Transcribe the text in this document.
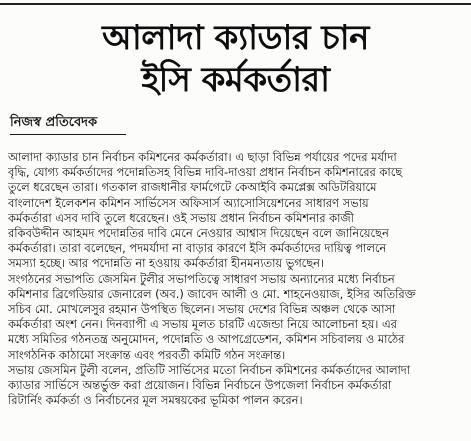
আলাদা ক্যাডার চান
ইসি কর্মকর্তারা
নিজস্ব প্রতিবেদক
আলাদা ক্যাডার চান নির্বাচন কমিশনের কর্মকর্তারা। এ ছাড়া বিভিন্ন পর্যায়ের পদের মর্যাদা
বৃদ্ধি, যোগ্য কর্মকর্তাদের পদোন্নতিসহ বিভিন্ন দাবি-দাওয়া প্রধান নির্বাচন কমিশনারের কাছে
তুলে ধরেছেন তারা। গতকাল রাজধানীর ফার্মগেটে কেআইবি কমপ্লেক্স অডিটরিয়ামে
বাংলাদেশ ইলেকশন কমিশন সার্ভিসেস অফিসার্স অ্যাসোসিয়েশনের সাধারণ সভায়
কর্মকর্তারা এসব দাবি তুলে ধরেছেন। ওই সভায় প্রধান নির্বাচন কমিশনার কাজী
রকিবউদ্দীন আহমদ পদোন্নতির দাবি মেনে নেওয়ার আশ্বাস দিয়েছেন বলে জানিয়েছেন
কর্মকর্তারা। তারা বলেছেন, পদমর্যাদা না বাড়ার কারণে ইসি কর্মকর্তাদের দায়িত্ব পালনে
সমস্যা হচ্ছে। আর পদোন্নতি না হওয়ায় কর্মকর্তারা হীনমন্যতায় ভুগছেন।
সংগঠনের সভাপতি জেসমিন টুলীর সভাপতিত্বে সাধারণ সভায় অন্যান্যের মধ্যে নির্বাচন
কমিশনার ব্রিগেডিয়ার জেনারেল (অব.) জাবেদ আলী ও মো. শাহনেওয়াজ, ইসির অতিরিক্ত
সচিব মো. মোখলেসুর রহমান উপস্থিত ছিলেন। সভায় দেশের বিভিন্ন অঞ্চল থেকে আসা
কর্মকর্তারা অংশ নেন। দিনব্যাপী এ সভায় মূলত চারটি এজেন্ডা নিয়ে আলোচনা হয়। এর
মধ্যে সমিতির গঠনতন্ত্র অনুমোদন, পদোন্নতি ও আপগ্রেডেশন, কমিশন সচিবালয় ও মাঠের
সাংগঠনিক কাঠামো সংক্রান্ত এবং পরবর্তী কমিটি গঠন সংক্রান্ত।
সভায় জেসমিন টুলী বলেন, প্রতিটি সার্ভিসের মতো নির্বাচন কমিশনের কর্মকর্তাদের আলাদা
ক্যাডার সার্ভিসে অন্তর্ভুক্ত করা প্রয়োজন। বিভিন্ন নির্বাচনে উপজেলা নির্বাচন কর্মকর্তারা
রিটার্নিং কর্মকর্তা ও নির্বাচনের মূল সমন্বয়কের ভূমিকা পালন করেন।
